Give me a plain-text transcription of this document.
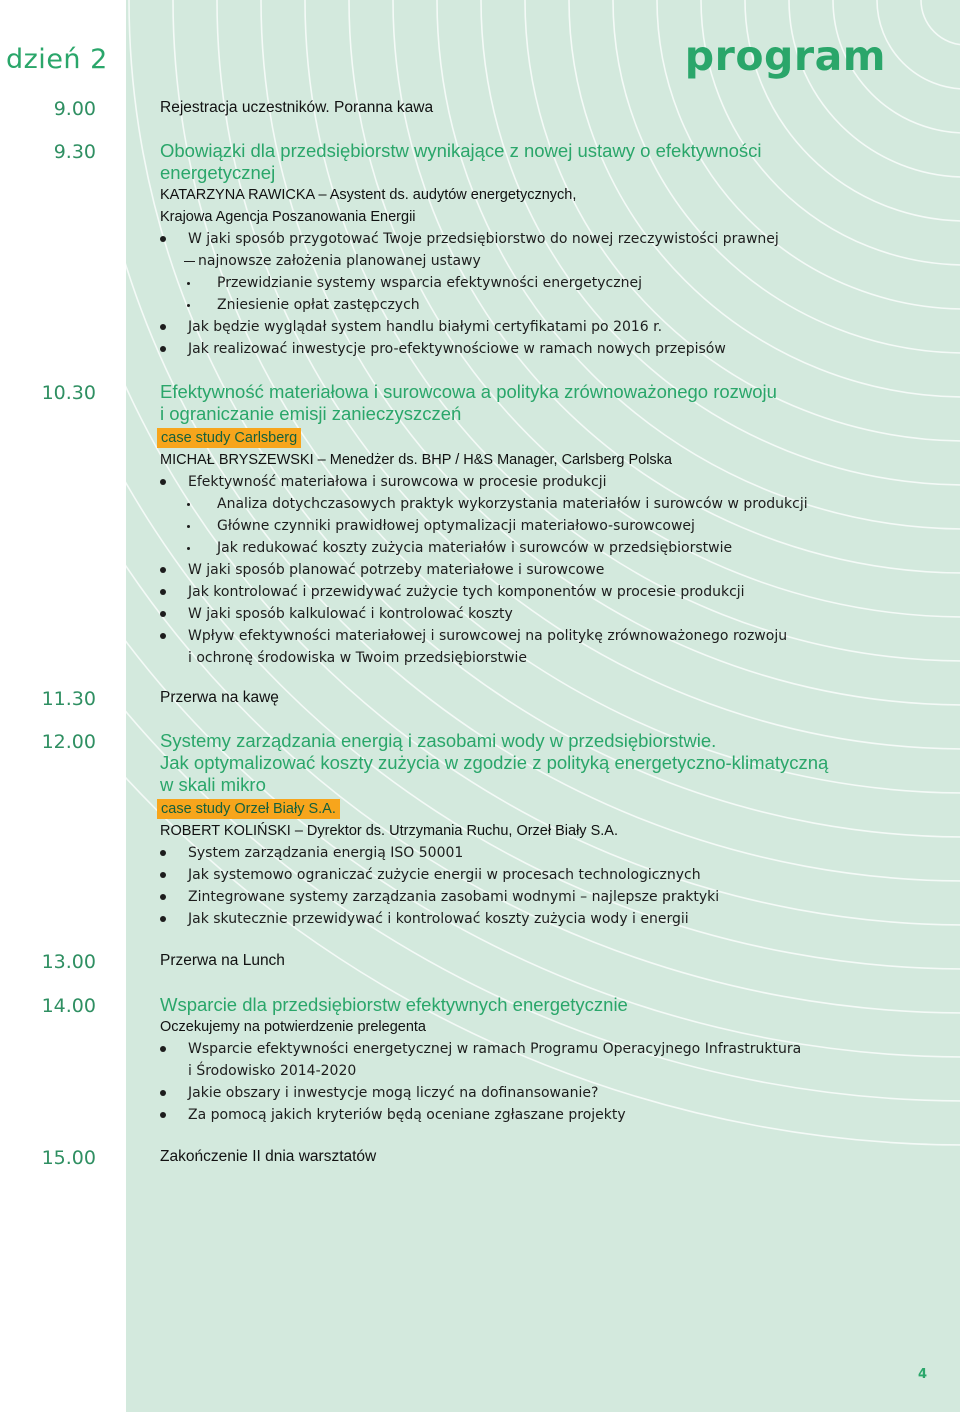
dzień 2	program
9.00	Rejestracja uczestników. Poranna kawa
9.30	Obowiązki dla przedsiębiorstw wynikające z nowej ustawy o efektywności
energetycznej
KATARZYNA RAWICKA – Asystent ds. audytów energetycznych,
Krajowa Agencja Poszanowania Energii
W jaki sposób przygotować Twoje przedsiębiorstwo do nowej rzeczywistości prawnej
najnowsze założenia planowanej ustawy
Przewidzianie systemy wsparcia efektywności energetycznej
Zniesienie opłat zastępczych
Jak będzie wyglądał system handlu białymi certyfikatami po 2016 r.
Jak realizować inwestycje pro-efektywnościowe w ramach nowych przepisów
10.30	Efektywność materiałowa i surowcowa a polityka zrównoważonego rozwoju
i ograniczanie emisji zanieczyszczeń
case study Carlsberg
MICHAŁ BRYSZEWSKI – Menedżer ds. BHP / H&S Manager, Carlsberg Polska
Efektywność materiałowa i surowcowa w procesie produkcji
Analiza dotychczasowych praktyk wykorzystania materiałów i surowców w produkcji
Główne czynniki prawidłowej optymalizacji materiałowo-surowcowej
Jak redukować koszty zużycia materiałów i surowców w przedsiębiorstwie
W jaki sposób planować potrzeby materiałowe i surowcowe
Jak kontrolować i przewidywać zużycie tych komponentów w procesie produkcji
W jaki sposób kalkulować i kontrolować koszty
Wpływ efektywności materiałowej i surowcowej na politykę zrównoważonego rozwoju
i ochronę środowiska w Twoim przedsiębiorstwie
11.30	Przerwa na kawę
12.00	Systemy zarządzania energią i zasobami wody w przedsiębiorstwie.
Jak optymalizować koszty zużycia w zgodzie z polityką energetyczno-klimatyczną
w skali mikro
case study Orzeł Biały S.A.
ROBERT KOLIŃSKI – Dyrektor ds. Utrzymania Ruchu, Orzeł Biały S.A.
System zarządzania energią ISO 50001
Jak systemowo ograniczać zużycie energii w procesach technologicznych
Zintegrowane systemy zarządzania zasobami wodnymi – najlepsze praktyki
Jak skutecznie przewidywać i kontrolować koszty zużycia wody i energii
13.00	Przerwa na Lunch
14.00	Wsparcie dla przedsiębiorstw efektywnych energetycznie
Oczekujemy na potwierdzenie prelegenta
Wsparcie efektywności energetycznej w ramach Programu Operacyjnego Infrastruktura
i Środowisko 2014-2020
Jakie obszary i inwestycje mogą liczyć na dofinansowanie?
Za pomocą jakich kryteriów będą oceniane zgłaszane projekty
15.00	Zakończenie II dnia warsztatów
4
